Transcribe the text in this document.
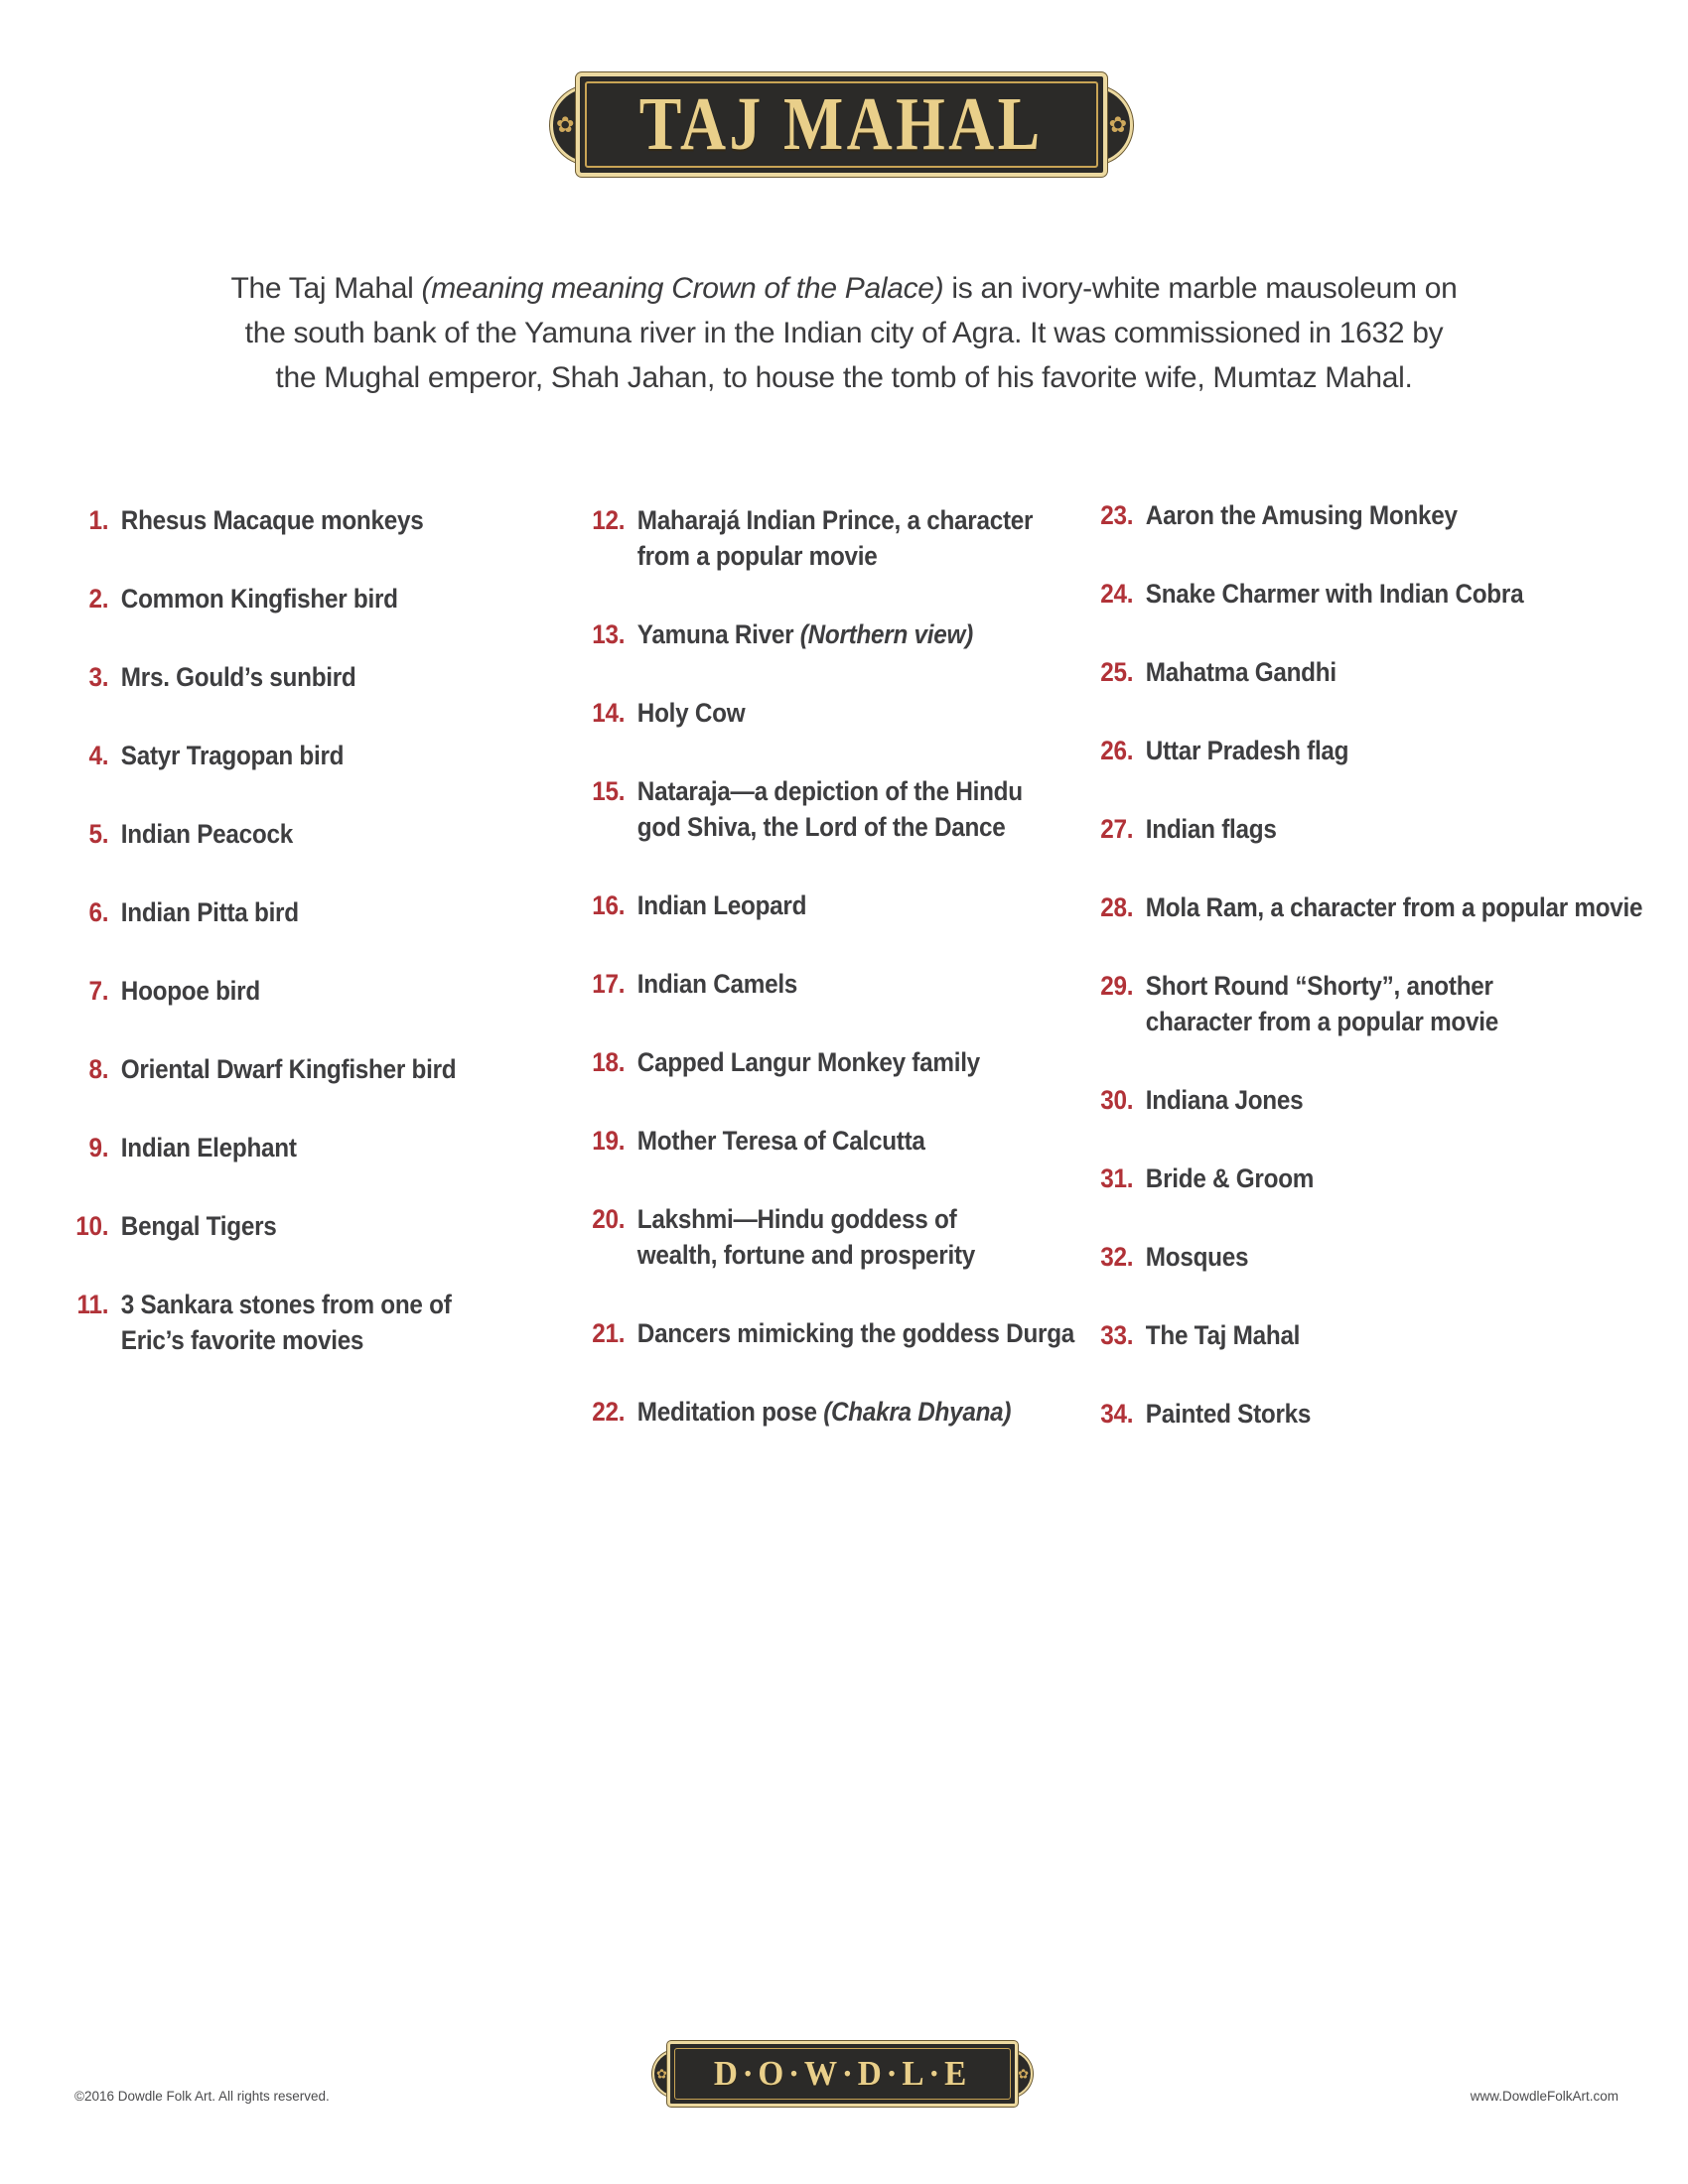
✿	✿
TAJ MAHAL

The Taj Mahal (meaning meaning Crown of the Palace) is an ivory-white marble mausoleum on
the south bank of the Yamuna river in the Indian city of Agra. It was commissioned in 1632 by
the Mughal emperor, Shah Jahan, to house the tomb of his favorite wife, Mumtaz Mahal.

1. Rhesus Macaque monkeys
2. Common Kingfisher bird
3. Mrs. Gould’s sunbird
4. Satyr Tragopan bird
5. Indian Peacock
6. Indian Pitta bird
7. Hoopoe bird
8. Oriental Dwarf Kingfisher bird
9. Indian Elephant
10. Bengal Tigers
11. 3 Sankara stones from one of
Eric’s favorite movies
12. Maharajá Indian Prince, a character
from a popular movie
13. Yamuna River (Northern view)
14. Holy Cow
15. Nataraja—a depiction of the Hindu
god Shiva, the Lord of the Dance
16. Indian Leopard
17. Indian Camels
18. Capped Langur Monkey family
19. Mother Teresa of Calcutta
20. Lakshmi—Hindu goddess of
wealth, fortune and prosperity
21. Dancers mimicking the goddess Durga
22. Meditation pose (Chakra Dhyana)
23. Aaron the Amusing Monkey
24. Snake Charmer with Indian Cobra
25. Mahatma Gandhi
26. Uttar Pradesh flag
27. Indian flags
28. Mola Ram, a character from a popular movie
29. Short Round “Shorty”, another
character from a popular movie
30. Indiana Jones
31. Bride & Groom
32. Mosques
33. The Taj Mahal
34. Painted Storks
©2016 Dowdle Folk Art. All rights reserved.
✿	✿
D·O·W·D·L·E
www.DowdleFolkArt.com
